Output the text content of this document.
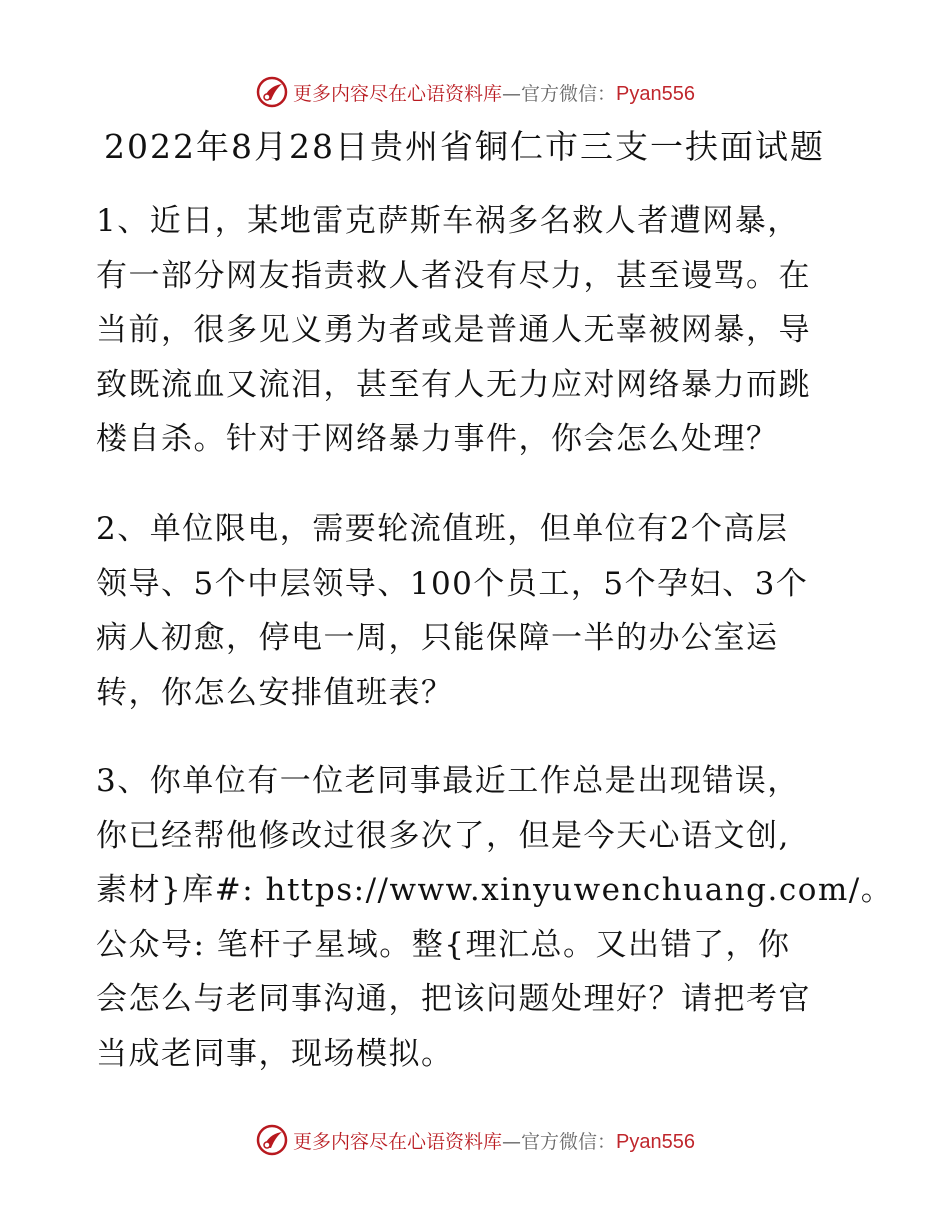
更多内容尽在心语资料库—官方微信：Pyan556
2022年8月28日贵州省铜仁市三支一扶面试题

1、近日，某地雷克萨斯车祸多名救人者遭网暴，
有一部分网友指责救人者没有尽力，甚至谩骂。在
当前，很多见义勇为者或是普通人无辜被网暴，导
致既流血又流泪，甚至有人无力应对网络暴力而跳
楼自杀。针对于网络暴力事件，你会怎么处理？

2、单位限电，需要轮流值班，但单位有2个高层
领导、5个中层领导、100个员工，5个孕妇、3个
病人初愈，停电一周，只能保障一半的办公室运
转，你怎么安排值班表？

3、你单位有一位老同事最近工作总是出现错误，
你已经帮他修改过很多次了，但是今天心语文创,
素材}库#: https://www.xinyuwenchuang.com/。
公众号: 笔杆子星域。整{理汇总。又出错了，你
会怎么与老同事沟通，把该问题处理好？请把考官
当成老同事，现场模拟。

更多内容尽在心语资料库—官方微信：Pyan556
